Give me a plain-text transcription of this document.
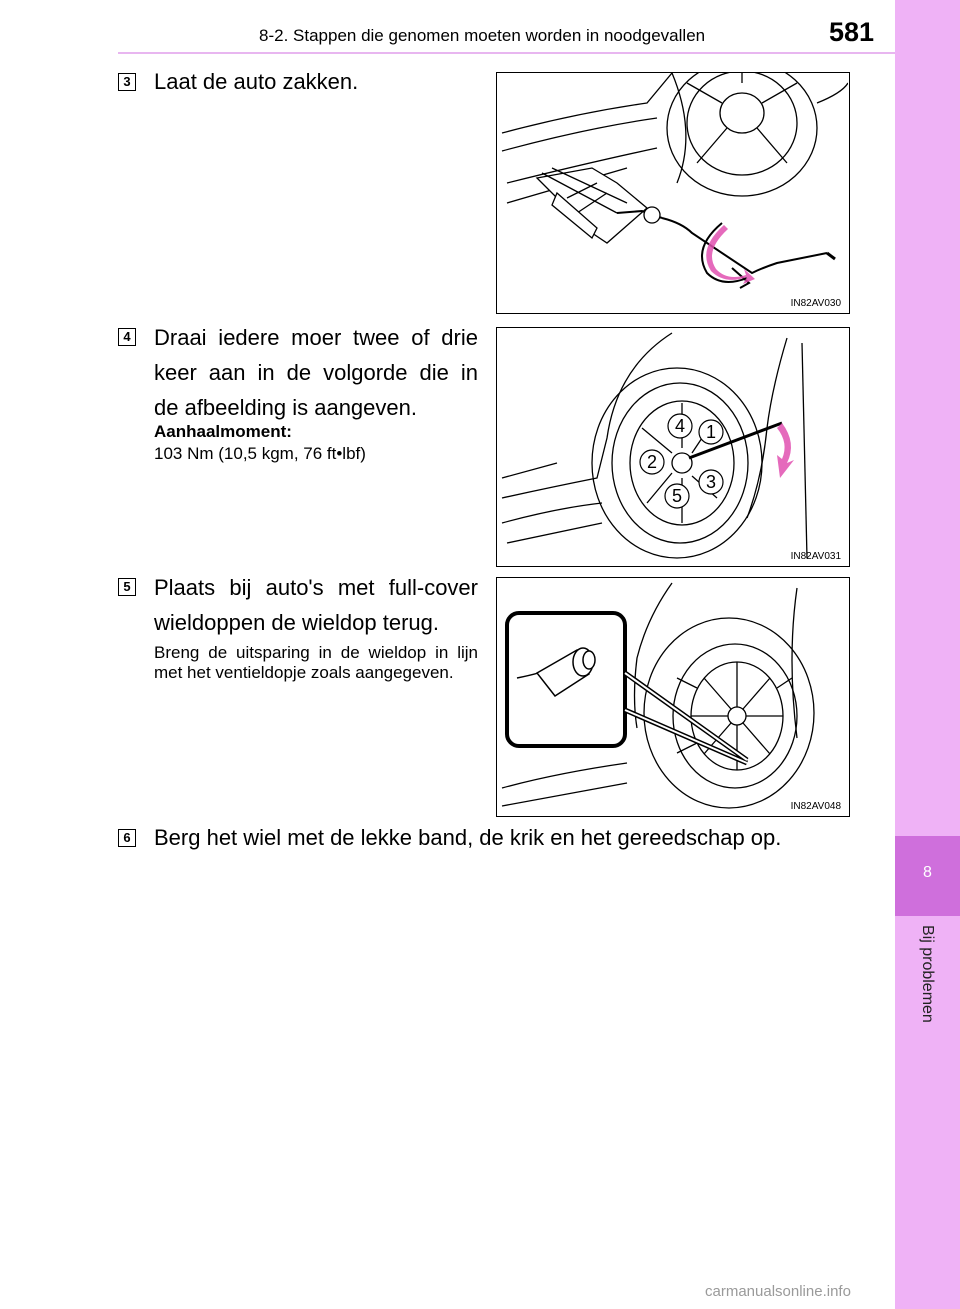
8-2. Stappen die genomen moeten worden in noodgevallen	581
8
Bij problemen
3 Laat de auto zakken.
IN82AV030
4 Draai iedere moer twee of drie
keer aan in de volgorde die in
de afbeelding is aangeven.
Aanhaalmoment:
103 Nm (10,5 kgm, 76 ft•lbf)
1
2
3
4
5
IN82AV031
5 Plaats bij auto's met full-cover
wieldoppen de wieldop terug.
Breng de uitsparing in de wieldop in lijn met het ventieldopje zoals aangegeven.
IN82AV048
6 Berg het wiel met de lekke band, de krik en het gereedschap op.
carmanualsonline.info
